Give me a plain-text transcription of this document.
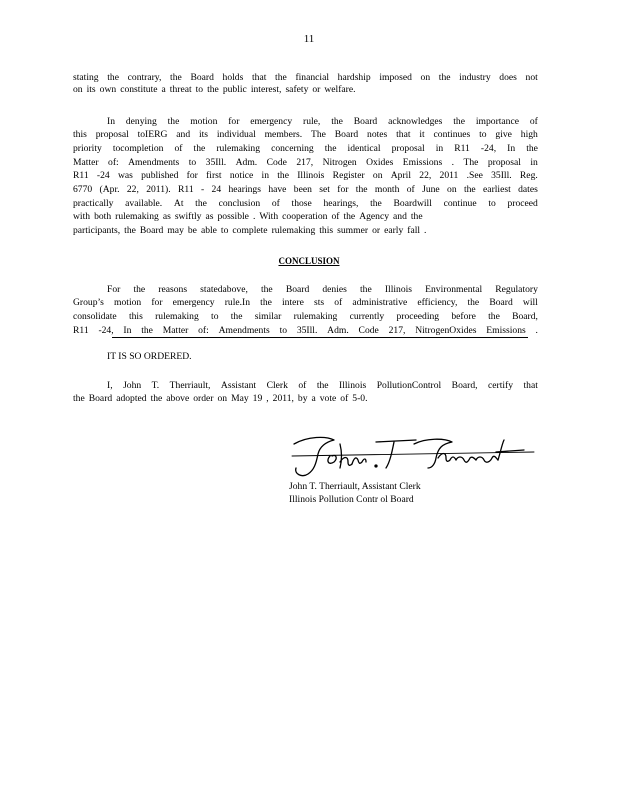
11
stating the contrary, the Board holds that the financial hardship imposed on the industry does not
on its own constitute a threat to the public interest, safety or welfare.
In denying the motion for emergency rule, the Board acknowledges the importance of
this proposal toIERG and its individual members. The Board notes that it continues to give high
priority tocompletion of the rulemaking concerning the identical proposal in R11 -24, In the
Matter of: Amendments to 35Ill. Adm. Code 217, Nitrogen Oxides Emissions . The proposal in
R11 -24 was published for first notice in the Illinois Register on April 22, 2011 .See 35Ill. Reg.
6770 (Apr. 22, 2011). R11 - 24 hearings have been set for the month of June on the earliest dates
practically available. At the conclusion of those hearings, the Boardwill continue to proceed
with both rulemaking as swiftly as possible . With cooperation of the Agency and the
participants, the Board may be able to complete rulemaking this summer or early fall .
CONCLUSION
For the reasons statedabove, the Board denies the Illinois Environmental Regulatory
Group’s motion for emergency rule.In the intere sts of administrative efficiency, the Board will
consolidate this rulemaking to the similar rulemaking currently proceeding before the Board,
R11 -24, In the Matter of: Amendments to 35Ill. Adm. Code 217, NitrogenOxides Emissions .
IT IS SO ORDERED.
I, John T. Therriault, Assistant Clerk of the Illinois PollutionControl Board, certify that
the Board adopted the above order on May 19 , 2011, by a vote of 5-0.
John T. Therriault, Assistant Clerk
Illinois Pollution Contr ol Board
